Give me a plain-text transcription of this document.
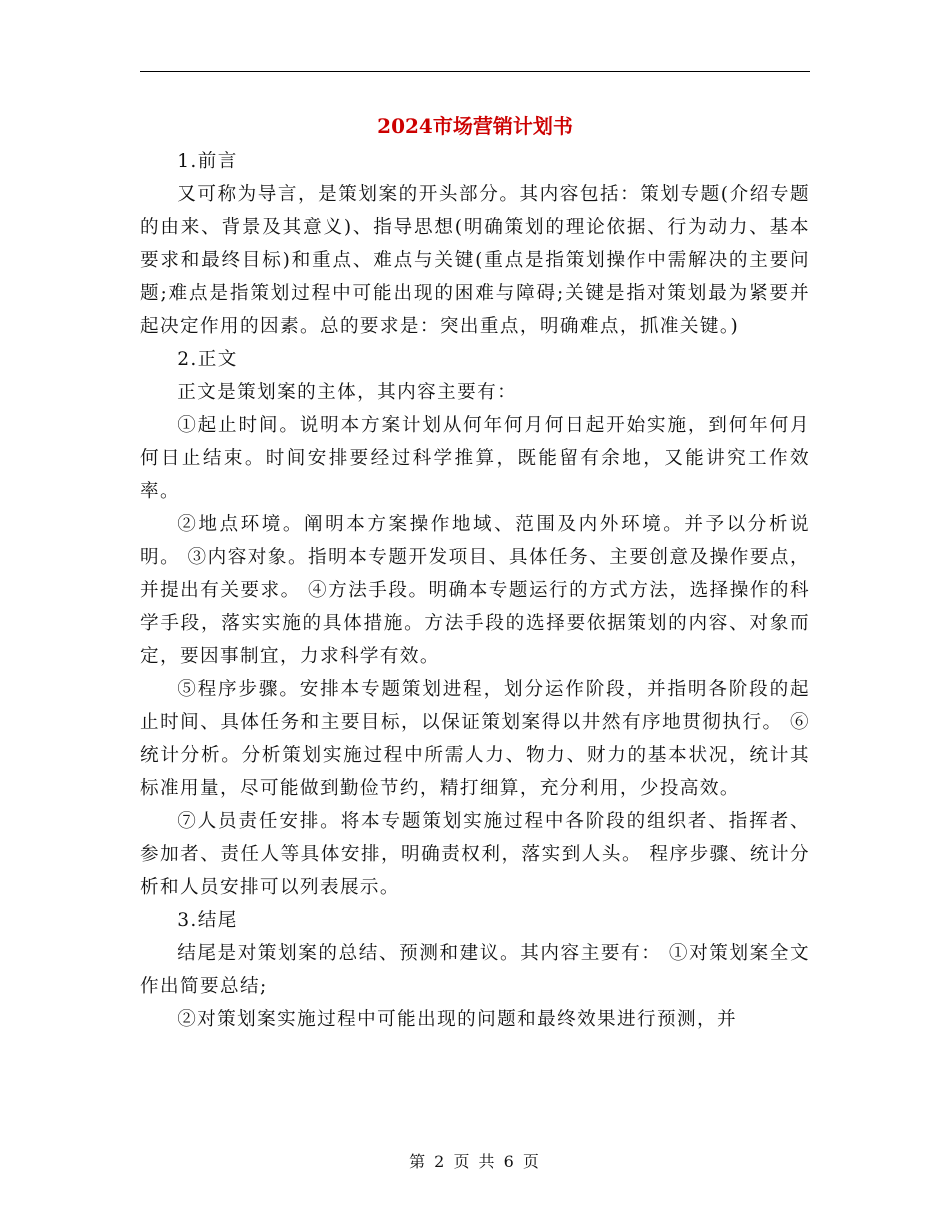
2024市场营销计划书

1.前言

又可称为导言，是策划案的开头部分。其内容包括：策划专题(介绍专题的由来、背景及其意义)、指导思想(明确策划的理论依据、行为动力、基本要求和最终目标)和重点、难点与关键(重点是指策划操作中需解决的主要问题;难点是指策划过程中可能出现的困难与障碍;关键是指对策划最为紧要并起决定作用的因素。总的要求是：突出重点，明确难点，抓准关键。)

2.正文

正文是策划案的主体，其内容主要有：

①起止时间。说明本方案计划从何年何月何日起开始实施，到何年何月何日止结束。时间安排要经过科学推算，既能留有余地，又能讲究工作效率。

②地点环境。阐明本方案操作地域、范围及内外环境。并予以分析说明。 ③内容对象。指明本专题开发项目、具体任务、主要创意及操作要点，并提出有关要求。 ④方法手段。明确本专题运行的方式方法，选择操作的科学手段，落实实施的具体措施。方法手段的选择要依据策划的内容、对象而定，要因事制宜，力求科学有效。

⑤程序步骤。安排本专题策划进程，划分运作阶段，并指明各阶段的起止时间、具体任务和主要目标，以保证策划案得以井然有序地贯彻执行。 ⑥统计分析。分析策划实施过程中所需人力、物力、财力的基本状况，统计其标准用量，尽可能做到勤俭节约，精打细算，充分利用，少投高效。

⑦人员责任安排。将本专题策划实施过程中各阶段的组织者、指挥者、参加者、责任人等具体安排，明确责权利，落实到人头。 程序步骤、统计分析和人员安排可以列表展示。

3.结尾

结尾是对策划案的总结、预测和建议。其内容主要有： ①对策划案全文作出简要总结;

②对策划案实施过程中可能出现的问题和最终效果进行预测，并

第 2 页 共 6 页
